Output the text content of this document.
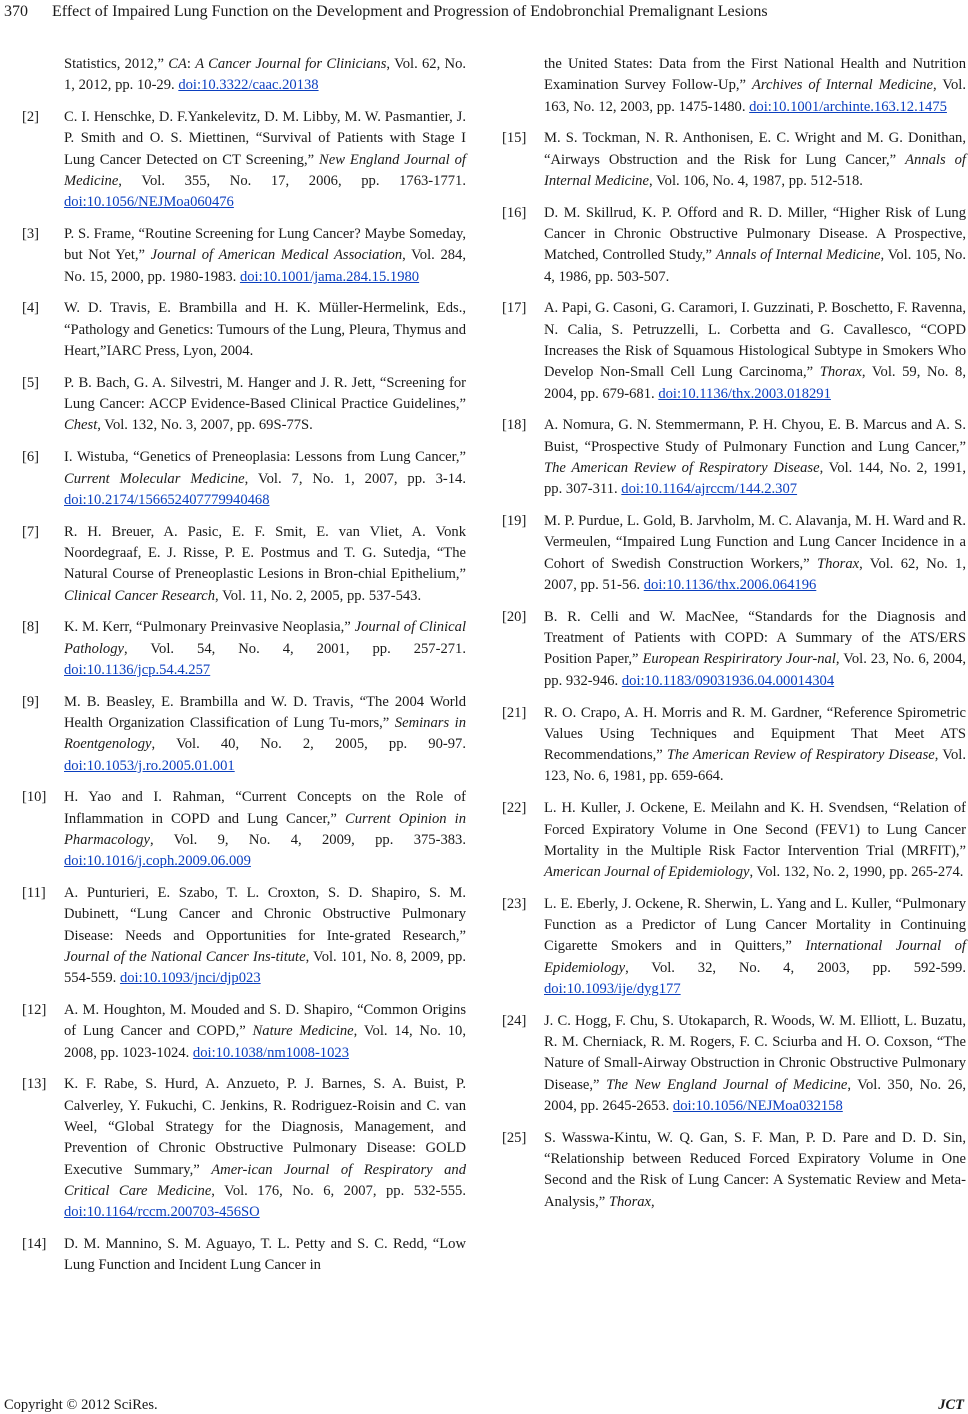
370 Effect of Impaired Lung Function on the Development and Progression of Endobronchial Premalignant Lesions
Statistics, 2012,” CA: A Cancer Journal for Clinicians, Vol. 62, No. 1, 2012, pp. 10-29. doi:10.3322/caac.20138
[2]	C. I. Henschke, D. F.Yankelevitz, D. M. Libby, M. W. Pasmantier, J. P. Smith and O. S. Miettinen, “Survival of Patients with Stage I Lung Cancer Detected on CT Screening,” New England Journal of Medicine, Vol. 355, No. 17, 2006, pp. 1763-1771. doi:10.1056/NEJMoa060476
[3]	P. S. Frame, “Routine Screening for Lung Cancer? Maybe Someday, but Not Yet,” Journal of American Medical Association, Vol. 284, No. 15, 2000, pp. 1980-1983. doi:10.1001/jama.284.15.1980
[4]	W. D. Travis, E. Brambilla and H. K. Müller-Hermelink, Eds., “Pathology and Genetics: Tumours of the Lung, Pleura, Thymus and Heart,”IARC Press, Lyon, 2004.
[5]	P. B. Bach, G. A. Silvestri, M. Hanger and J. R. Jett, “Screening for Lung Cancer: ACCP Evidence-Based Clinical Practice Guidelines,” Chest, Vol. 132, No. 3, 2007, pp. 69S-77S.
[6]	I. Wistuba, “Genetics of Preneoplasia: Lessons from Lung Cancer,” Current Molecular Medicine, Vol. 7, No. 1, 2007, pp. 3-14. doi:10.2174/156652407779940468
[7]	R. H. Breuer, A. Pasic, E. F. Smit, E. van Vliet, A. Vonk Noordegraaf, E. J. Risse, P. E. Postmus and T. G. Sutedja, “The Natural Course of Preneoplastic Lesions in Bron-chial Epithelium,” Clinical Cancer Research, Vol. 11, No. 2, 2005, pp. 537-543.
[8]	K. M. Kerr, “Pulmonary Preinvasive Neoplasia,” Journal of Clinical Pathology, Vol. 54, No. 4, 2001, pp. 257-271. doi:10.1136/jcp.54.4.257
[9]	M. B. Beasley, E. Brambilla and W. D. Travis, “The 2004 World Health Organization Classification of Lung Tu-mors,” Seminars in Roentgenology, Vol. 40, No. 2, 2005, pp. 90-97. doi:10.1053/j.ro.2005.01.001
[10]	H. Yao and I. Rahman, “Current Concepts on the Role of Inflammation in COPD and Lung Cancer,” Current Opinion in Pharmacology, Vol. 9, No. 4, 2009, pp. 375-383. doi:10.1016/j.coph.2009.06.009
[11]	A. Punturieri, E. Szabo, T. L. Croxton, S. D. Shapiro, S. M. Dubinett, “Lung Cancer and Chronic Obstructive Pulmonary Disease: Needs and Opportunities for Inte-grated Research,” Journal of the National Cancer Ins-titute, Vol. 101, No. 8, 2009, pp. 554-559. doi:10.1093/jnci/djp023
[12]	A. M. Houghton, M. Mouded and S. D. Shapiro, “Common Origins of Lung Cancer and COPD,” Nature Medicine, Vol. 14, No. 10, 2008, pp. 1023-1024. doi:10.1038/nm1008-1023
[13]	K. F. Rabe, S. Hurd, A. Anzueto, P. J. Barnes, S. A. Buist, P. Calverley, Y. Fukuchi, C. Jenkins, R. Rodriguez-Roisin and C. van Weel, “Global Strategy for the Diagnosis, Management, and Prevention of Chronic Obstructive Pulmonary Disease: GOLD Executive Summary,” Amer-ican Journal of Respiratory and Critical Care Medicine, Vol. 176, No. 6, 2007, pp. 532-555. doi:10.1164/rccm.200703-456SO
[14]	D. M. Mannino, S. M. Aguayo, T. L. Petty and S. C. Redd, “Low Lung Function and Incident Lung Cancer in
the United States: Data from the First National Health and Nutrition Examination Survey Follow-Up,” Archives of Internal Medicine, Vol. 163, No. 12, 2003, pp. 1475-1480. doi:10.1001/archinte.163.12.1475
[15]	M. S. Tockman, N. R. Anthonisen, E. C. Wright and M. G. Donithan, “Airways Obstruction and the Risk for Lung Cancer,” Annals of Internal Medicine, Vol. 106, No. 4, 1987, pp. 512-518.
[16]	D. M. Skillrud, K. P. Offord and R. D. Miller, “Higher Risk of Lung Cancer in Chronic Obstructive Pulmonary Disease. A Prospective, Matched, Controlled Study,” Annals of Internal Medicine, Vol. 105, No. 4, 1986, pp. 503-507.
[17]	A. Papi, G. Casoni, G. Caramori, I. Guzzinati, P. Boschetto, F. Ravenna, N. Calia, S. Petruzzelli, L. Corbetta and G. Cavallesco, “COPD Increases the Risk of Squamous Histological Subtype in Smokers Who Develop Non-Small Cell Lung Carcinoma,” Thorax, Vol. 59, No. 8, 2004, pp. 679-681. doi:10.1136/thx.2003.018291
[18]	A. Nomura, G. N. Stemmermann, P. H. Chyou, E. B. Marcus and A. S. Buist, “Prospective Study of Pulmonary Function and Lung Cancer,” The American Review of Respiratory Disease, Vol. 144, No. 2, 1991, pp. 307-311. doi:10.1164/ajrccm/144.2.307
[19]	M. P. Purdue, L. Gold, B. Jarvholm, M. C. Alavanja, M. H. Ward and R. Vermeulen, “Impaired Lung Function and Lung Cancer Incidence in a Cohort of Swedish Construction Workers,” Thorax, Vol. 62, No. 1, 2007, pp. 51-56. doi:10.1136/thx.2006.064196
[20]	B. R. Celli and W. MacNee, “Standards for the Diagnosis and Treatment of Patients with COPD: A Summary of the ATS/ERS Position Paper,” European Respiriratory Jour-nal, Vol. 23, No. 6, 2004, pp. 932-946. doi:10.1183/09031936.04.00014304
[21]	R. O. Crapo, A. H. Morris and R. M. Gardner, “Reference Spirometric Values Using Techniques and Equipment That Meet ATS Recommendations,” The American Review of Respiratory Disease, Vol. 123, No. 6, 1981, pp. 659-664.
[22]	L. H. Kuller, J. Ockene, E. Meilahn and K. H. Svendsen, “Relation of Forced Expiratory Volume in One Second (FEV1) to Lung Cancer Mortality in the Multiple Risk Factor Intervention Trial (MRFIT),” American Journal of Epidemiology, Vol. 132, No. 2, 1990, pp. 265-274.
[23]	L. E. Eberly, J. Ockene, R. Sherwin, L. Yang and L. Kuller, “Pulmonary Function as a Predictor of Lung Cancer Mortality in Continuing Cigarette Smokers and in Quitters,” International Journal of Epidemiology, Vol. 32, No. 4, 2003, pp. 592-599. doi:10.1093/ije/dyg177
[24]	J. C. Hogg, F. Chu, S. Utokaparch, R. Woods, W. M. Elliott, L. Buzatu, R. M. Cherniack, R. M. Rogers, F. C. Sciurba and H. O. Coxson, “The Nature of Small-Airway Obstruction in Chronic Obstructive Pulmonary Disease,” The New England Journal of Medicine, Vol. 350, No. 26, 2004, pp. 2645-2653. doi:10.1056/NEJMoa032158
[25]	S. Wasswa-Kintu, W. Q. Gan, S. F. Man, P. D. Pare and D. D. Sin, “Relationship between Reduced Forced Expiratory Volume in One Second and the Risk of Lung Cancer: A Systematic Review and Meta-Analysis,” Thorax,
Copyright © 2012 SciRes.	JCT
